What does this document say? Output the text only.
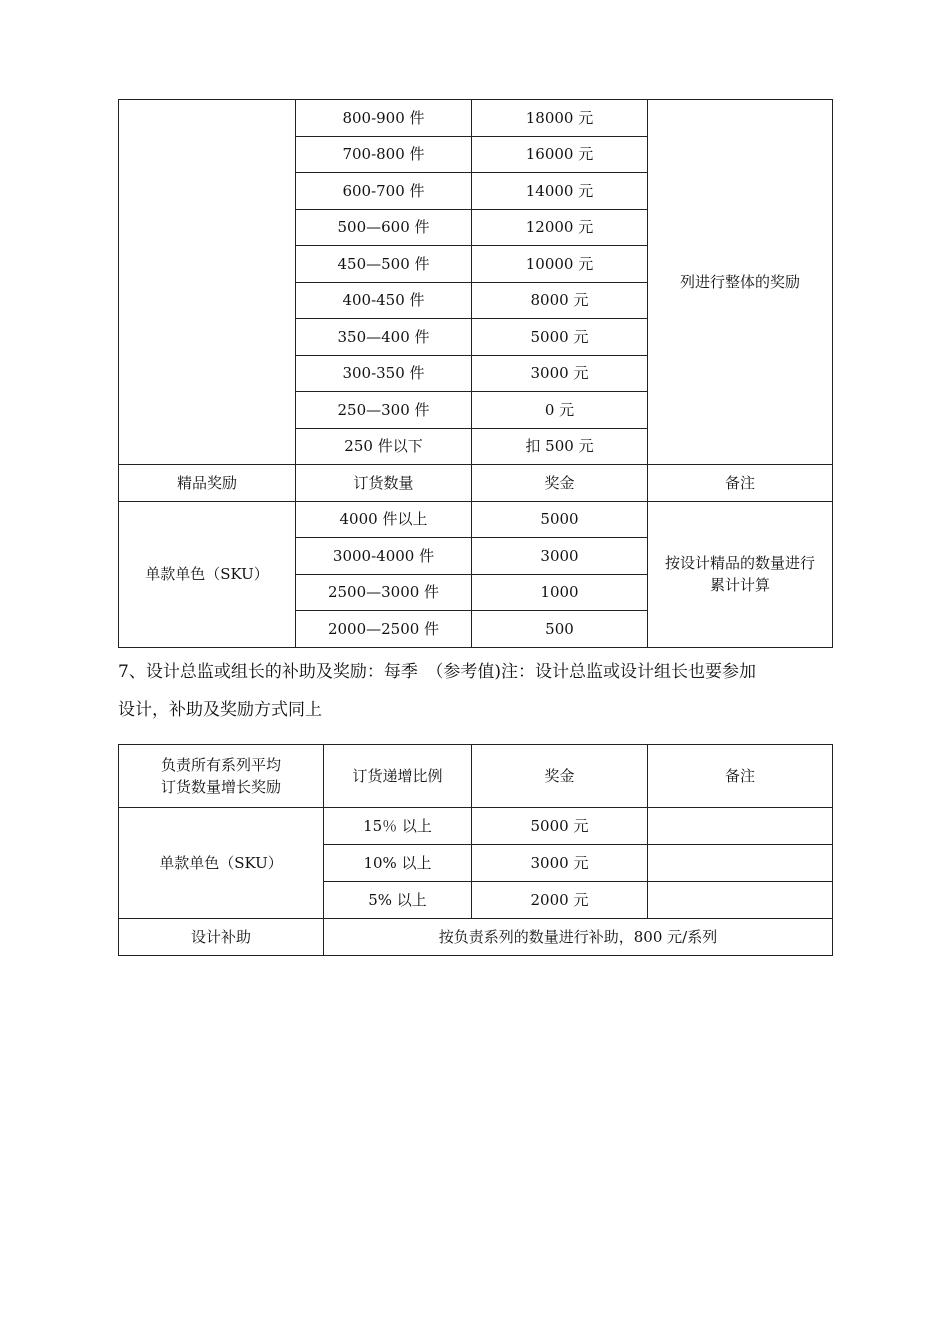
	800-900 件	18000 元	列进行整体的奖励
	700-800 件	16000 元	
	600-700 件	14000 元	
	500—600 件	12000 元	
	450—500 件	10000 元	
	400-450 件	8000 元	
	350—400 件	5000 元	
	300-350 件	3000 元	
	250—300 件	0 元	
	250 件以下	扣 500 元	
精品奖励	订货数量	奖金	备注
单款单色（SKU）	4000 件以上	5000	按设计精品的数量进行
累计计算

	3000-4000 件	3000	
	2500—3000 件	1000	
	2000—2500 件	500	

7、设计总监或组长的补助及奖励：每季　（参考值)注：设计总监或设计组长也要参加

设计，补助及奖励方式同上

负责所有系列平均
订货数量增长奖励	订货递增比例	奖金	备注
单款单色（SKU）	15％ 以上	5000 元	
	10% 以上	3000 元	
	5% 以上	2000 元	
设计补助	按负责系列的数量进行补助，800 元/系列		
